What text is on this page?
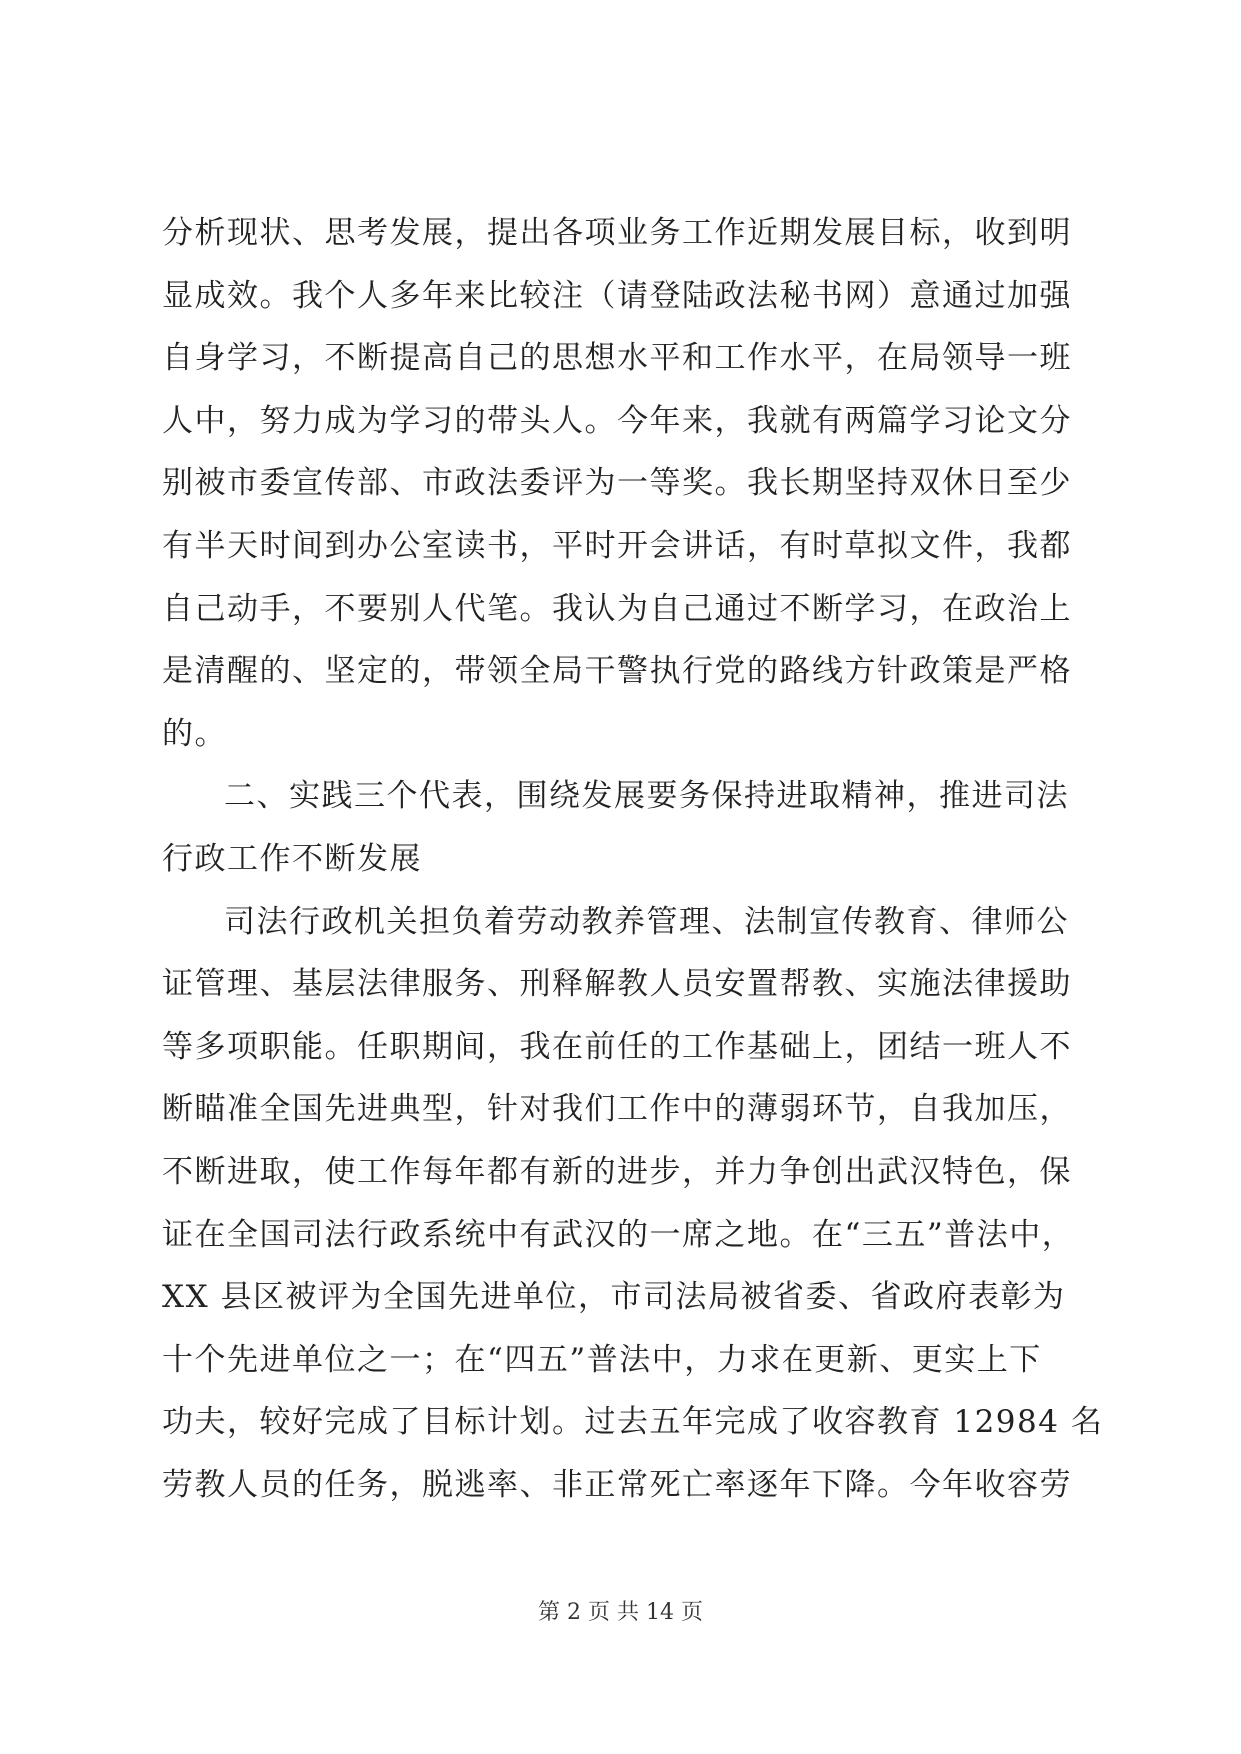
分析现状、思考发展，提出各项业务工作近期发展目标，收到明
显成效。我个人多年来比较注（请登陆政法秘书网）意通过加强
自身学习，不断提高自己的思想水平和工作水平，在局领导一班
人中，努力成为学习的带头人。今年来，我就有两篇学习论文分
别被市委宣传部、市政法委评为一等奖。我长期坚持双休日至少
有半天时间到办公室读书，平时开会讲话，有时草拟文件，我都
自己动手，不要别人代笔。我认为自己通过不断学习，在政治上
是清醒的、坚定的，带领全局干警执行党的路线方针政策是严格
的。
二、实践三个代表，围绕发展要务保持进取精神，推进司法
行政工作不断发展
司法行政机关担负着劳动教养管理、法制宣传教育、律师公
证管理、基层法律服务、刑释解教人员安置帮教、实施法律援助
等多项职能。任职期间，我在前任的工作基础上，团结一班人不
断瞄准全国先进典型，针对我们工作中的薄弱环节，自我加压，
不断进取，使工作每年都有新的进步，并力争创出武汉特色，保
证在全国司法行政系统中有武汉的一席之地。在“三五”普法中，
XX 县区被评为全国先进单位，市司法局被省委、省政府表彰为
十个先进单位之一；在“四五”普法中，力求在更新、更实上下
功夫，较好完成了目标计划。过去五年完成了收容教育 12984 名
劳教人员的任务，脱逃率、非正常死亡率逐年下降。今年收容劳
第 2 页 共 14 页
